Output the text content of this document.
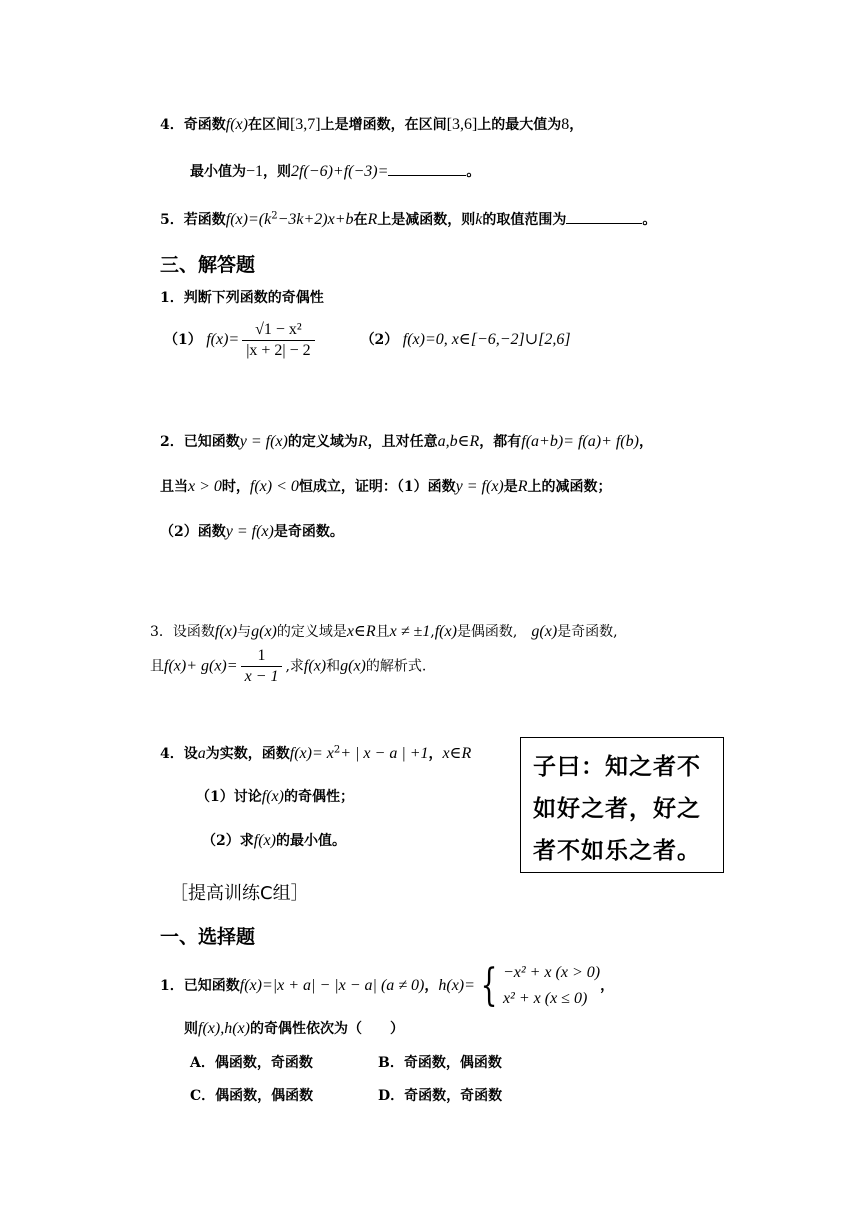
4．奇函数f(x)在区间[3,7]上是增函数，在区间[3,6]上的最大值为8，
最小值为−1，则2f(−6)+f(−3)=	。
5．若函数$f(x)=(k^2-3k+2)x+b$在R上是减函数，则k的取值范围为	。
三、解答题
1．判断下列函数的奇偶性
（1） $f(x)= \frac{\text{√1 − x²}}{|x + 2| - 2}$	（2） f(x)=0, x∈[−6,−2]∪[2,6]
2．已知函数y = f(x)的定义域为R，且对任意a,b∈R，都有f(a+b)= f(a)+ f(b)，
且当x > 0时，f(x) < 0恒成立，证明：（1）函数y = f(x)是R上的减函数；
（2）函数y = f(x)是奇函数。
3．设函数f(x)与g(x)的定义域是x∈R且x ≠ ±1,f(x)是偶函数, g(x)是奇函数,
且$f(x)+ g(x)= \frac{1}{x - 1}$ ,求f(x)和g(x)的解析式.
4．设a为实数，函数$f(x)= x^2+$ | x − a | +1，x∈R
（1）讨论f(x)的奇偶性；
（2）求f(x)的最小值。
子曰：知之者不如好之者，好之者不如乐之者。
［提高训练C组］
一、选择题
1．已知函数f(x)=|x + a| − |x − a| (a ≠ 0)，h(x)= { −x² + x (x > 0)
x² + x (x ≤ 0)
，
则f(x),h(x)的奇偶性依次为（　　）
A．偶函数，奇函数	B．奇函数，偶函数
C．偶函数，偶函数	D．奇函数，奇函数
